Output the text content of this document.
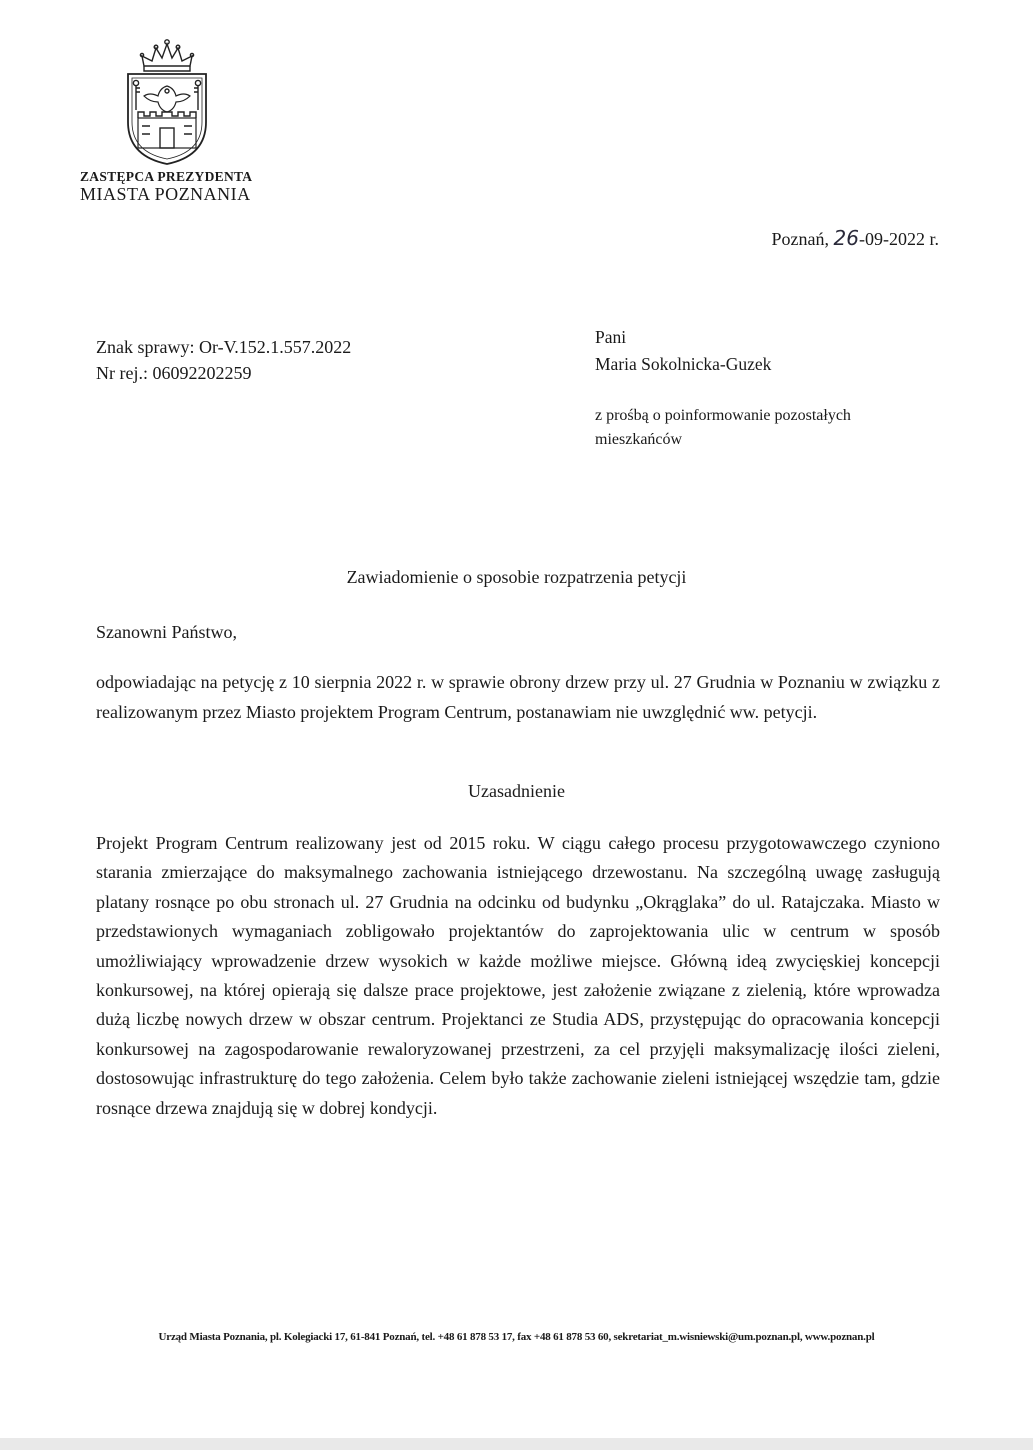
ZASTĘPCA PREZYDENTA
MIASTA POZNANIA
Poznań, 26-09-2022 r.
Znak sprawy: Or-V.152.1.557.2022
Nr rej.: 06092202259
Pani
Maria Sokolnicka-Guzek
z prośbą o poinformowanie pozostałych mieszkańców
Zawiadomienie o sposobie rozpatrzenia petycji
Szanowni Państwo,

odpowiadając na petycję z 10 sierpnia 2022 r. w sprawie obrony drzew przy ul. 27 Grudnia w Poznaniu w związku z realizowanym przez Miasto projektem Program Centrum, postanawiam nie uwzględnić ww. petycji.

Uzasadnienie

Projekt Program Centrum realizowany jest od 2015 roku. W ciągu całego procesu przygotowawczego czyniono starania zmierzające do maksymalnego zachowania istniejącego drzewostanu. Na szczególną uwagę zasługują platany rosnące po obu stronach ul. 27 Grudnia na odcinku od budynku „Okrąglaka” do ul. Ratajczaka. Miasto w przedstawionych wymaganiach zobligowało projektantów do zaprojektowania ulic w centrum w sposób umożliwiający wprowadzenie drzew wysokich w każde możliwe miejsce. Główną ideą zwycięskiej koncepcji konkursowej, na której opierają się dalsze prace projektowe, jest założenie związane z zielenią, które wprowadza dużą liczbę nowych drzew w obszar centrum. Projektanci ze Studia ADS, przystępując do opracowania koncepcji konkursowej na zagospodarowanie rewaloryzowanej przestrzeni, za cel przyjęli maksymalizację ilości zieleni, dostosowując infrastrukturę do tego założenia. Celem było także zachowanie zieleni istniejącej wszędzie tam, gdzie rosnące drzewa znajdują się w dobrej kondycji.

Urząd Miasta Poznania, pl. Kolegiacki 17, 61-841 Poznań, tel. +48 61 878 53 17, fax +48 61 878 53 60, sekretariat_m.wisniewski@um.poznan.pl, www.poznan.pl
